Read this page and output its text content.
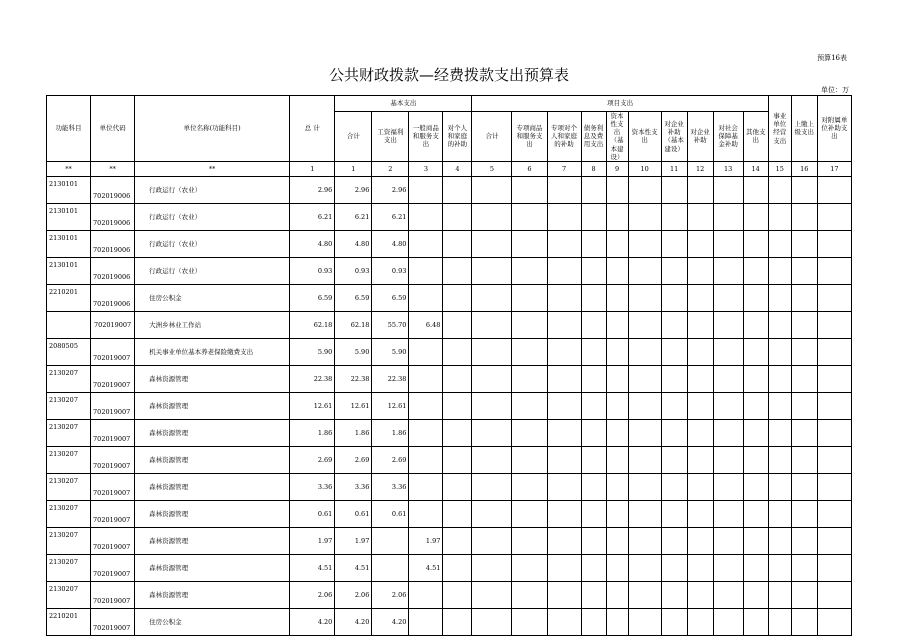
预算16表
公共财政拨款—经费拨款支出预算表
单位：万
功能科目	单位代码	单位名称(功能科目)	总 计	基本支出				项目支出										事业单位经营支出	上缴上级支出	对附属单位补助支出
				合计	工资福利支出	一般商品和服务支出	对个人和家庭的补助	合计	专项商品和服务支出	专项对个人和家庭的补助	债务利息及费用支出	资本性支出（基本建设）	资本性支出	对企业补助（基本建设）	对企业补助	对社会保障基金补助	其他支出			
**	**	**	1	1	2	3	4	5	6	7	8	9	10	11	12	13	14	15	16	17
2130101	702019006	行政运行（农业）	2.96	2.96	2.96															
2130101	702019006	行政运行（农业）	6.21	6.21	6.21															
2130101	702019006	行政运行（农业）	4.80	4.80	4.80															
2130101	702019006	行政运行（农业）	0.93	0.93	0.93															
2210201	702019006	住房公积金	6.59	6.59	6.59															
	702019007	大洲乡林业工作站	62.18	62.18	55.70	6.48														
2080505	702019007	机关事业单位基本养老保险缴费支出	5.90	5.90	5.90															
2130207	702019007	森林资源管理	22.38	22.38	22.38															
2130207	702019007	森林资源管理	12.61	12.61	12.61															
2130207	702019007	森林资源管理	1.86	1.86	1.86															
2130207	702019007	森林资源管理	2.69	2.69	2.69															
2130207	702019007	森林资源管理	3.36	3.36	3.36															
2130207	702019007	森林资源管理	0.61	0.61	0.61															
2130207	702019007	森林资源管理	1.97	1.97		1.97														
2130207	702019007	森林资源管理	4.51	4.51		4.51														
2130207	702019007	森林资源管理	2.06	2.06	2.06															
2210201	702019007	住房公积金	4.20	4.20	4.20															
